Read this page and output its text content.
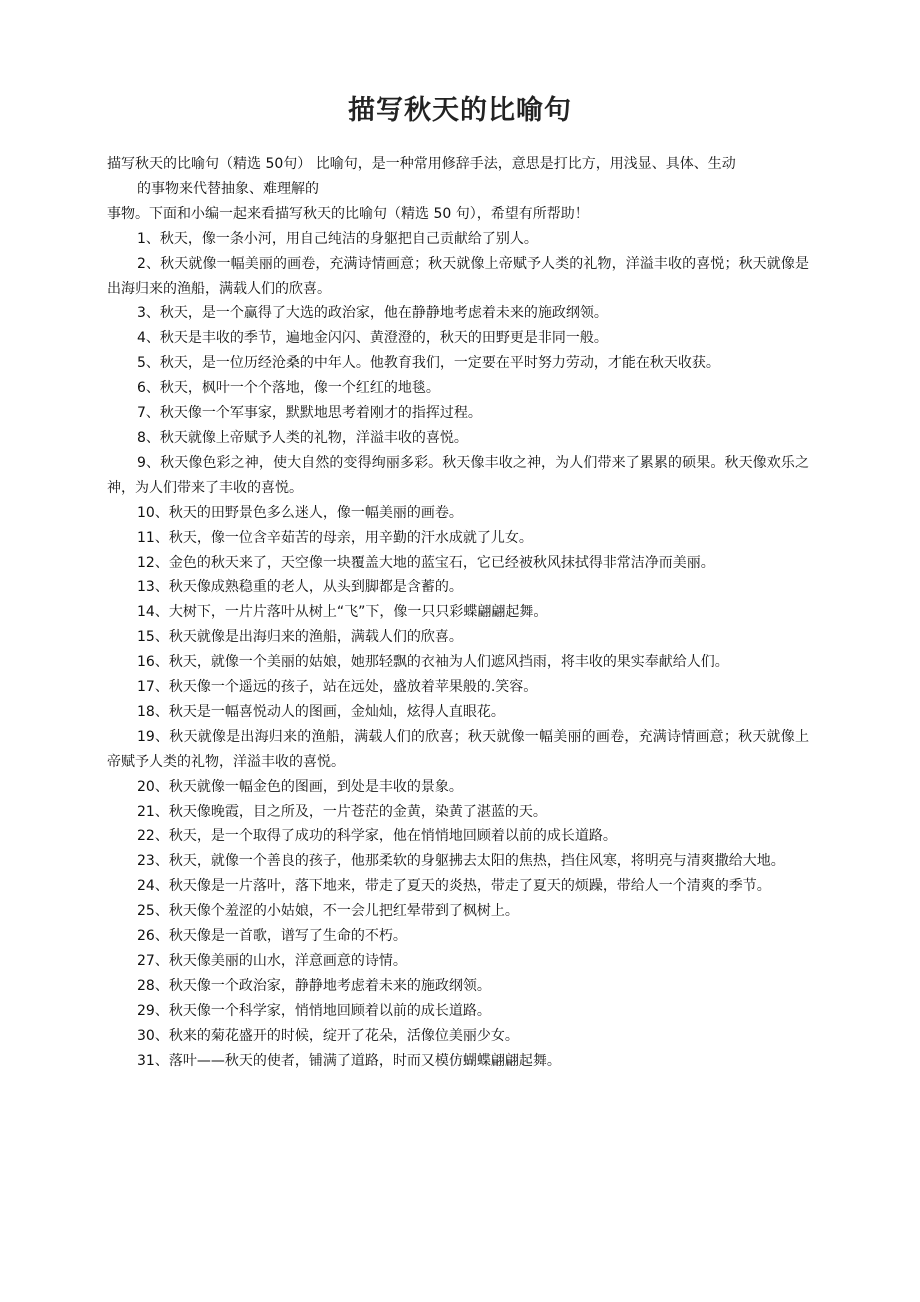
描写秋天的比喻句
描写秋天的比喻句（精选 50句） 比喻句，是一种常用修辞手法，意思是打比方，用浅显、具体、生动
的事物来代替抽象、难理解的
事物。下面和小编一起来看描写秋天的比喻句（精选 50 句），希望有所帮助！

1、秋天，像一条小河，用自己纯洁的身躯把自己贡献给了别人。

2、秋天就像一幅美丽的画卷，充满诗情画意；秋天就像上帝赋予人类的礼物，洋溢丰收的喜悦；秋天就像是出海归来的渔船，满载人们的欣喜。

3、秋天，是一个赢得了大选的政治家，他在静静地考虑着未来的施政纲领。

4、秋天是丰收的季节，遍地金闪闪、黄澄澄的，秋天的田野更是非同一般。

5、秋天，是一位历经沧桑的中年人。他教育我们，一定要在平时努力劳动，才能在秋天收获。

6、秋天，枫叶一个个落地，像一个红红的地毯。

7、秋天像一个军事家，默默地思考着刚才的指挥过程。

8、秋天就像上帝赋予人类的礼物，洋溢丰收的喜悦。

9、秋天像色彩之神，使大自然的变得绚丽多彩。秋天像丰收之神，为人们带来了累累的硕果。秋天像欢乐之神，为人们带来了丰收的喜悦。

10、秋天的田野景色多么迷人，像一幅美丽的画卷。

11、秋天，像一位含辛茹苦的母亲，用辛勤的汗水成就了儿女。

12、金色的秋天来了，天空像一块覆盖大地的蓝宝石，它已经被秋风抹拭得非常洁净而美丽。

13、秋天像成熟稳重的老人，从头到脚都是含蓄的。

14、大树下，一片片落叶从树上“飞”下，像一只只彩蝶翩翩起舞。

15、秋天就像是出海归来的渔船，满载人们的欣喜。

16、秋天，就像一个美丽的姑娘，她那轻飘的衣袖为人们遮风挡雨，将丰收的果实奉献给人们。

17、秋天像一个遥远的孩子，站在远处，盛放着苹果般的.笑容。

18、秋天是一幅喜悦动人的图画，金灿灿，炫得人直眼花。

19、秋天就像是出海归来的渔船，满载人们的欣喜；秋天就像一幅美丽的画卷，充满诗情画意；秋天就像上帝赋予人类的礼物，洋溢丰收的喜悦。

20、秋天就像一幅金色的图画，到处是丰收的景象。

21、秋天像晚霞，目之所及，一片苍茫的金黄，染黄了湛蓝的天。

22、秋天，是一个取得了成功的科学家，他在悄悄地回顾着以前的成长道路。

23、秋天，就像一个善良的孩子，他那柔软的身躯拂去太阳的焦热，挡住风寒，将明亮与清爽撒给大地。

24、秋天像是一片落叶，落下地来，带走了夏天的炎热，带走了夏天的烦躁，带给人一个清爽的季节。

25、秋天像个羞涩的小姑娘，不一会儿把红晕带到了枫树上。

26、秋天像是一首歌，谱写了生命的不朽。

27、秋天像美丽的山水，洋意画意的诗情。

28、秋天像一个政治家，静静地考虑着未来的施政纲领。

29、秋天像一个科学家，悄悄地回顾着以前的成长道路。

30、秋来的菊花盛开的时候，绽开了花朵，活像位美丽少女。

31、落叶——秋天的使者，铺满了道路，时而又模仿蝴蝶翩翩起舞。
